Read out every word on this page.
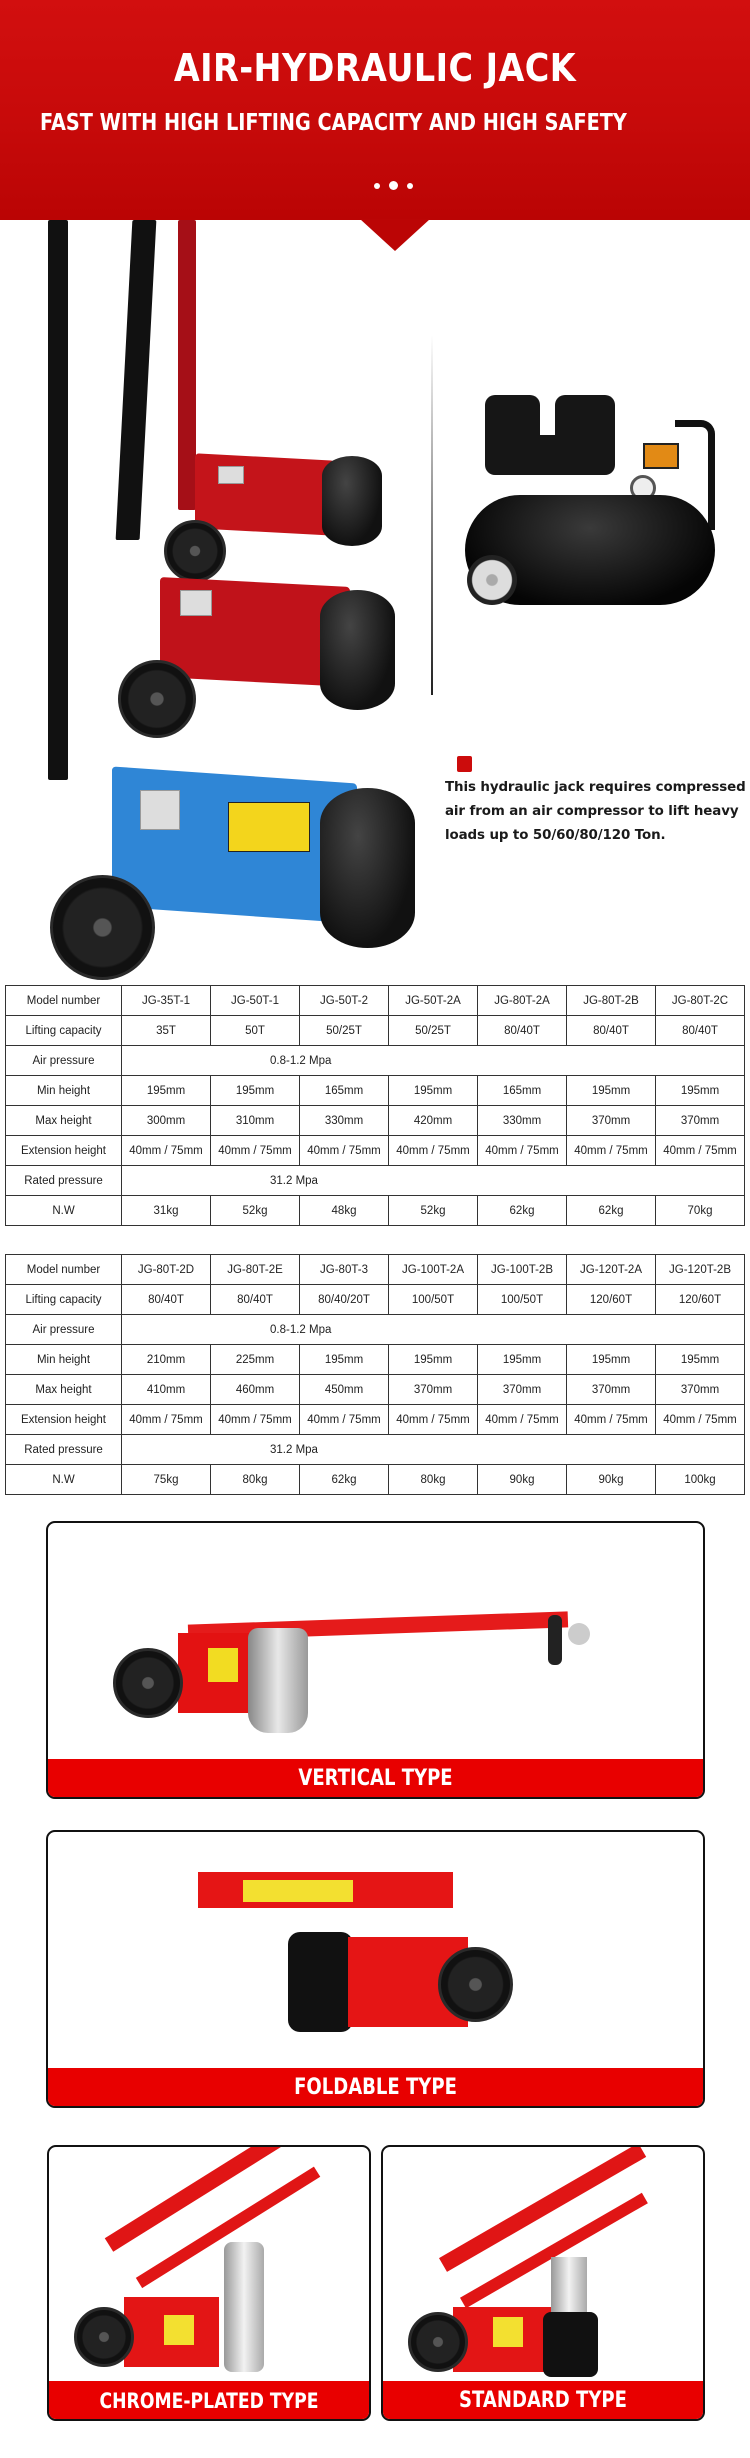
AIR-HYDRAULIC JACK
FAST WITH HIGH LIFTING CAPACITY AND HIGH SAFETY
This hydraulic jack requires compressed air from an air compressor to lift heavy loads up to 50/60/80/120 Ton.
Model number	JG-35T-1	JG-50T-1	JG-50T-2	JG-50T-2A	JG-80T-2A	JG-80T-2B	JG-80T-2C
Lifting capacity	35T	50T	50/25T	50/25T	80/40T	80/40T	80/40T
Air pressure	0.8-1.2 Mpa						
Min height	195mm	195mm	165mm	195mm	165mm	195mm	195mm
Max height	300mm	310mm	330mm	420mm	330mm	370mm	370mm
Extension height	40mm / 75mm	40mm / 75mm	40mm / 75mm	40mm / 75mm	40mm / 75mm	40mm / 75mm	40mm / 75mm
Rated pressure	31.2 Mpa						
N.W	31kg	52kg	48kg	52kg	62kg	62kg	70kg
Model number	JG-80T-2D	JG-80T-2E	JG-80T-3	JG-100T-2A	JG-100T-2B	JG-120T-2A	JG-120T-2B
Lifting capacity	80/40T	80/40T	80/40/20T	100/50T	100/50T	120/60T	120/60T
Air pressure	0.8-1.2 Mpa						
Min height	210mm	225mm	195mm	195mm	195mm	195mm	195mm
Max height	410mm	460mm	450mm	370mm	370mm	370mm	370mm
Extension height	40mm / 75mm	40mm / 75mm	40mm / 75mm	40mm / 75mm	40mm / 75mm	40mm / 75mm	40mm / 75mm
Rated pressure	31.2 Mpa						
N.W	75kg	80kg	62kg	80kg	90kg	90kg	100kg
VERTICAL TYPE
FOLDABLE TYPE
CHROME-PLATED TYPE	STANDARD TYPE
